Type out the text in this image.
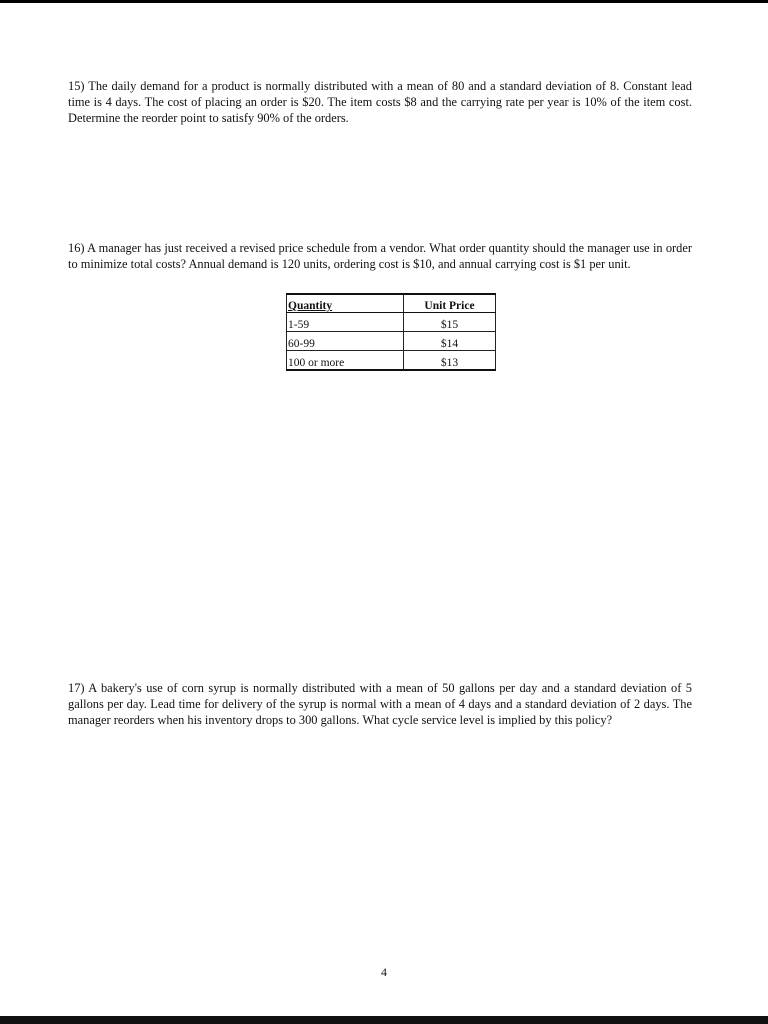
15) The daily demand for a product is normally distributed with a mean of 80 and a standard deviation of 8. Constant lead time is 4 days. The cost of placing an order is $20. The item costs $8 and the carrying rate per year is 10% of the item cost. Determine the reorder point to satisfy 90% of the orders.

16) A manager has just received a revised price schedule from a vendor. What order quantity should the manager use in order to minimize total costs? Annual demand is 120 units, ordering cost is $10, and annual carrying cost is $1 per unit.

Quantity	Unit Price
1-59	$15
60-99	$14
100 or more	$13

17) A bakery's use of corn syrup is normally distributed with a mean of 50 gallons per day and a standard deviation of 5 gallons per day. Lead time for delivery of the syrup is normal with a mean of 4 days and a standard deviation of 2 days. The manager reorders when his inventory drops to 300 gallons. What cycle service level is implied by this policy?

4
